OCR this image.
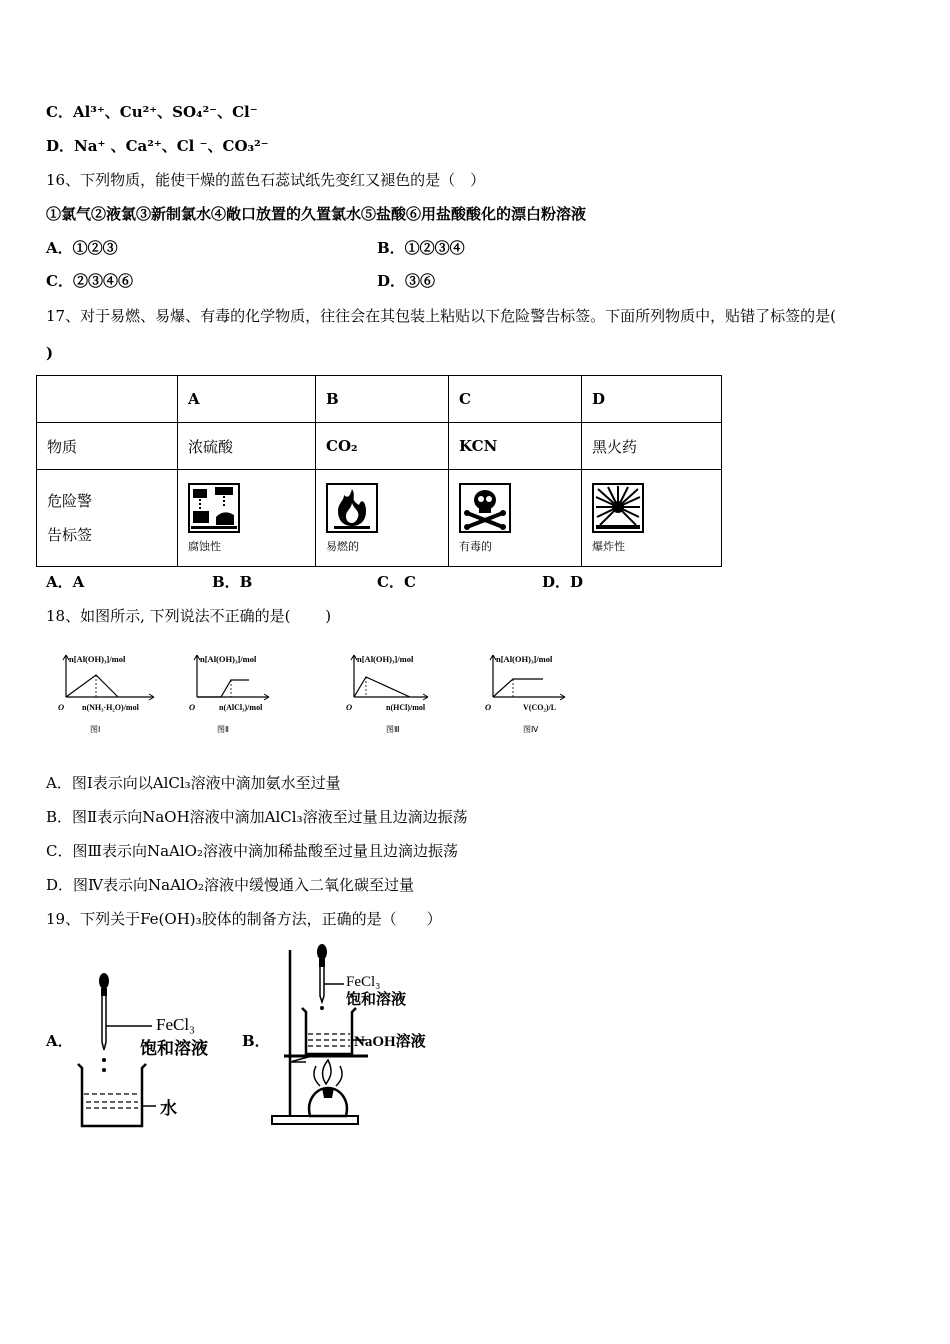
C．Al³⁺、Cu²⁺、SO₄²⁻、Cl⁻
D．Na⁺ 、Ca²⁺、Cl ⁻、CO₃²⁻
16、下列物质，能使干燥的蓝色石蕊试纸先变红又褪色的是（　）
①氯气②液氯③新制氯水④敞口放置的久置氯水⑤盐酸⑥用盐酸酸化的漂白粉溶液
A．①②③	B．①②③④
C．②③④⑥	D．③⑥
17、对于易燃、易爆、有毒的化学物质，往往会在其包装上粘贴以下危险警告标签。下面所列物质中，贴错了标签的是(
)
	A	B	C	D
物质	浓硫酸	CO₂	KCN	黑火药

危险警
告标签	腐蚀性	易燃的	有毒的	爆炸性
A．A	B．B	C．C	D．D
18、如图所示, 下列说法不正确的是(　　 )
n[Al(OH)₃]/mol
O n(NH₃·H₂O)/mol
图Ⅰ
n[Al(OH)₃]/mol
O	n(AlCl₃)/mol
图Ⅱ
n[Al(OH)₃]/mol
O	n(HCl)/mol
图Ⅲ
n[Al(OH)₃]/mol
O	V(CO₂)/L
图Ⅳ
A．图Ⅰ表示向以AlCl₃溶液中滴加氨水至过量
B．图Ⅱ表示向NaOH溶液中滴加AlCl₃溶液至过量且边滴边振荡
C．图Ⅲ表示向NaAlO₂溶液中滴加稀盐酸至过量且边滴边振荡
D．图Ⅳ表示向NaAlO₂溶液中缓慢通入二氧化碳至过量
19、下列关于Fe(OH)₃胶体的制备方法，正确的是（　　）
A．
FeCl₃
饱和溶液
水
B．
FeCl₃
饱和溶液
NaOH溶液
